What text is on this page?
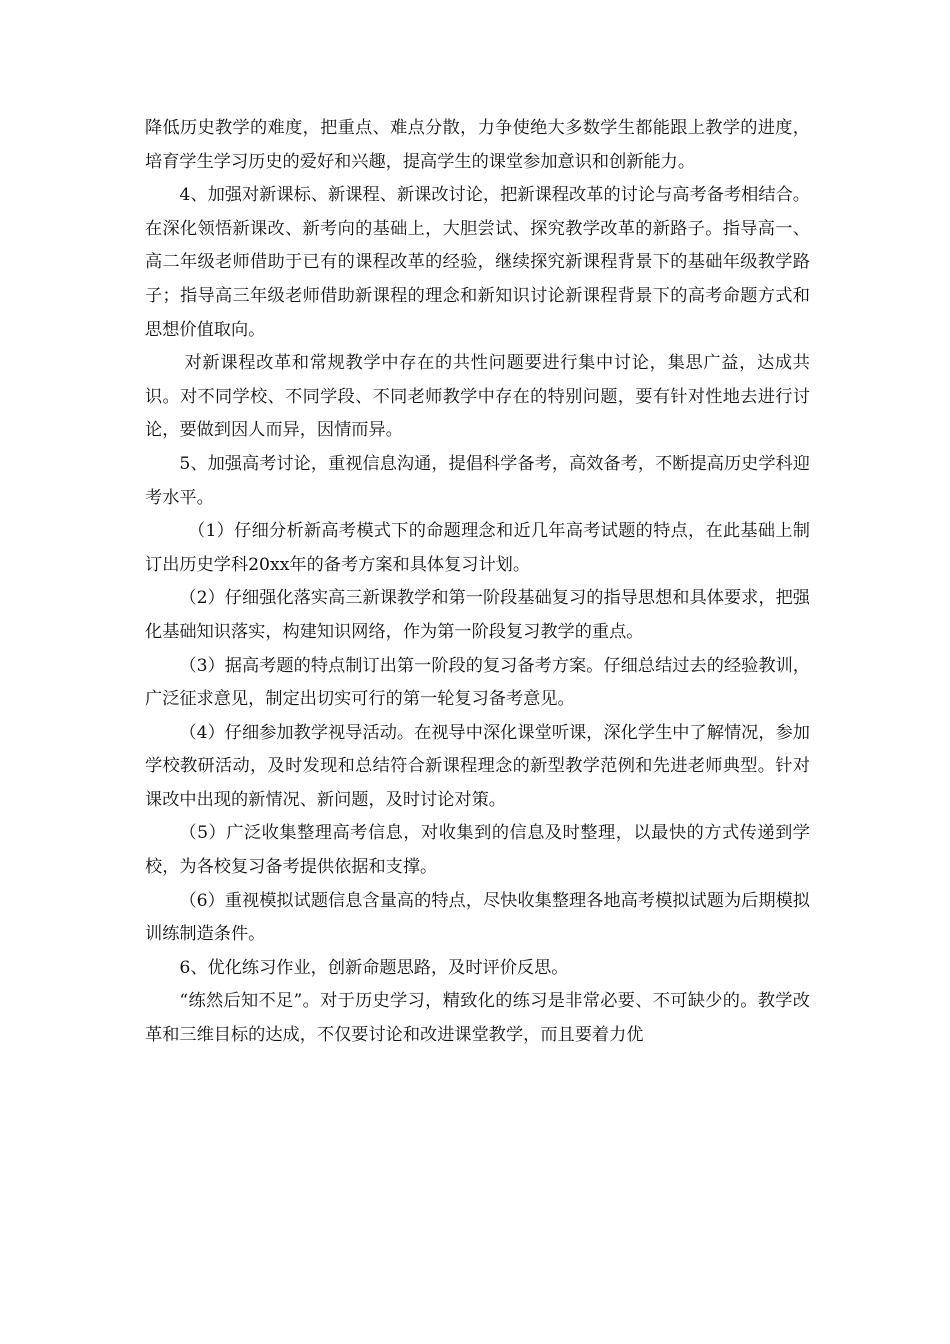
降低历史教学的难度，把重点、难点分散，力争使绝大多数学生都能跟上教学的进度，培育学生学习历史的爱好和兴趣，提高学生的课堂参加意识和创新能力。

4、加强对新课标、新课程、新课改讨论，把新课程改革的讨论与高考备考相结合。在深化领悟新课改、新考向的基础上，大胆尝试、探究教学改革的新路子。指导高一、高二年级老师借助于已有的课程改革的经验，继续探究新课程背景下的基础年级教学路子；指导高三年级老师借助新课程的理念和新知识讨论新课程背景下的高考命题方式和思想价值取向。

对新课程改革和常规教学中存在的共性问题要进行集中讨论，集思广益，达成共识。对不同学校、不同学段、不同老师教学中存在的特别问题，要有针对性地去进行讨论，要做到因人而异，因情而异。

5、加强高考讨论，重视信息沟通，提倡科学备考，高效备考，不断提高历史学科迎考水平。

（1）仔细分析新高考模式下的命题理念和近几年高考试题的特点，在此基础上制订出历史学科20xx年的备考方案和具体复习计划。

（2）仔细强化落实高三新课教学和第一阶段基础复习的指导思想和具体要求，把强化基础知识落实，构建知识网络，作为第一阶段复习教学的重点。

（3）据高考题的特点制订出第一阶段的复习备考方案。仔细总结过去的经验教训，广泛征求意见，制定出切实可行的第一轮复习备考意见。

（4）仔细参加教学视导活动。在视导中深化课堂听课，深化学生中了解情况，参加学校教研活动，及时发现和总结符合新课程理念的新型教学范例和先进老师典型。针对课改中出现的新情况、新问题，及时讨论对策。

（5）广泛收集整理高考信息，对收集到的信息及时整理，以最快的方式传递到学校，为各校复习备考提供依据和支撑。

（6）重视模拟试题信息含量高的特点，尽快收集整理各地高考模拟试题为后期模拟训练制造条件。

6、优化练习作业，创新命题思路，及时评价反思。

“练然后知不足”。对于历史学习，精致化的练习是非常必要、不可缺少的。教学改革和三维目标的达成，不仅要讨论和改进课堂教学，而且要着力优
